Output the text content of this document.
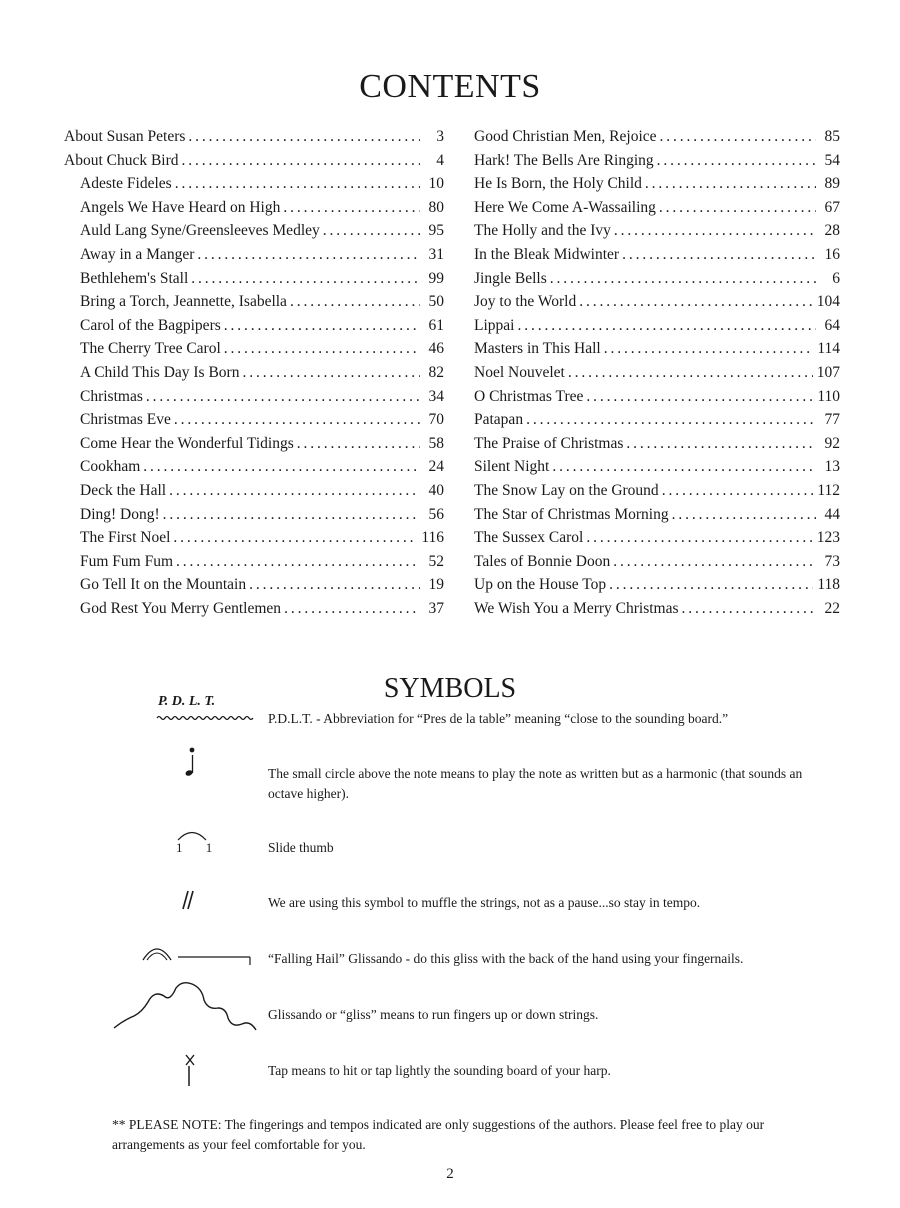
CONTENTS
About Susan Peters . . .	3
About Chuck Bird . . .	4
Adeste Fideles . . .	10
Angels We Have Heard on High . . .	80
Auld Lang Syne/Greensleeves Medley . . .	95
Away in a Manger . . .	31
Bethlehem's Stall . . .	99
Bring a Torch, Jeannette, Isabella . . .	50
Carol of the Bagpipers . . .	61
The Cherry Tree Carol . . .	46
A Child This Day Is Born . . .	82
Christmas . . .	34
Christmas Eve . . .	70
Come Hear the Wonderful Tidings . . .	58
Cookham . . .	24
Deck the Hall . . .	40
Ding! Dong! . . .	56
The First Noel . . .	116
Fum Fum Fum . . .	52
Go Tell It on the Mountain . . .	19
God Rest You Merry Gentlemen . . .	37
Good Christian Men, Rejoice . . .	85
Hark! The Bells Are Ringing . . .	54
He Is Born, the Holy Child . . .	89
Here We Come A-Wassailing . . .	67
The Holly and the Ivy . . .	28
In the Bleak Midwinter . . .	16
Jingle Bells . . .	6
Joy to the World . . .	104
Lippai . . .	64
Masters in This Hall . . .	114
Noel Nouvelet . . .	107
O Christmas Tree . . .	110
Patapan . . .	77
The Praise of Christmas . . .	92
Silent Night . . .	13
The Snow Lay on the Ground . . .	112
The Star of Christmas Morning . . .	44
The Sussex Carol . . .	123
Tales of Bonnie Doon . . .	73
Up on the House Top . . .	118
We Wish You a Merry Christmas . . .	22
SYMBOLS
P. D. L. T.
P.D.L.T. - Abbreviation for “Pres de la table” meaning “close to the sounding board.”
The small circle above the note means to play the note as written but as a harmonic (that sounds an octave higher).
1 1	Slide thumb
We are using this symbol to muffle the strings, not as a pause...so stay in tempo.
“Falling Hail” Glissando - do this gliss with the back of the hand using your fingernails.
Glissando or “gliss” means to run fingers up or down strings.
Tap means to hit or tap lightly the sounding board of your harp.
** PLEASE NOTE: The fingerings and tempos indicated are only suggestions of the authors. Please feel free to play our arrangements as your feel comfortable for you.
2
